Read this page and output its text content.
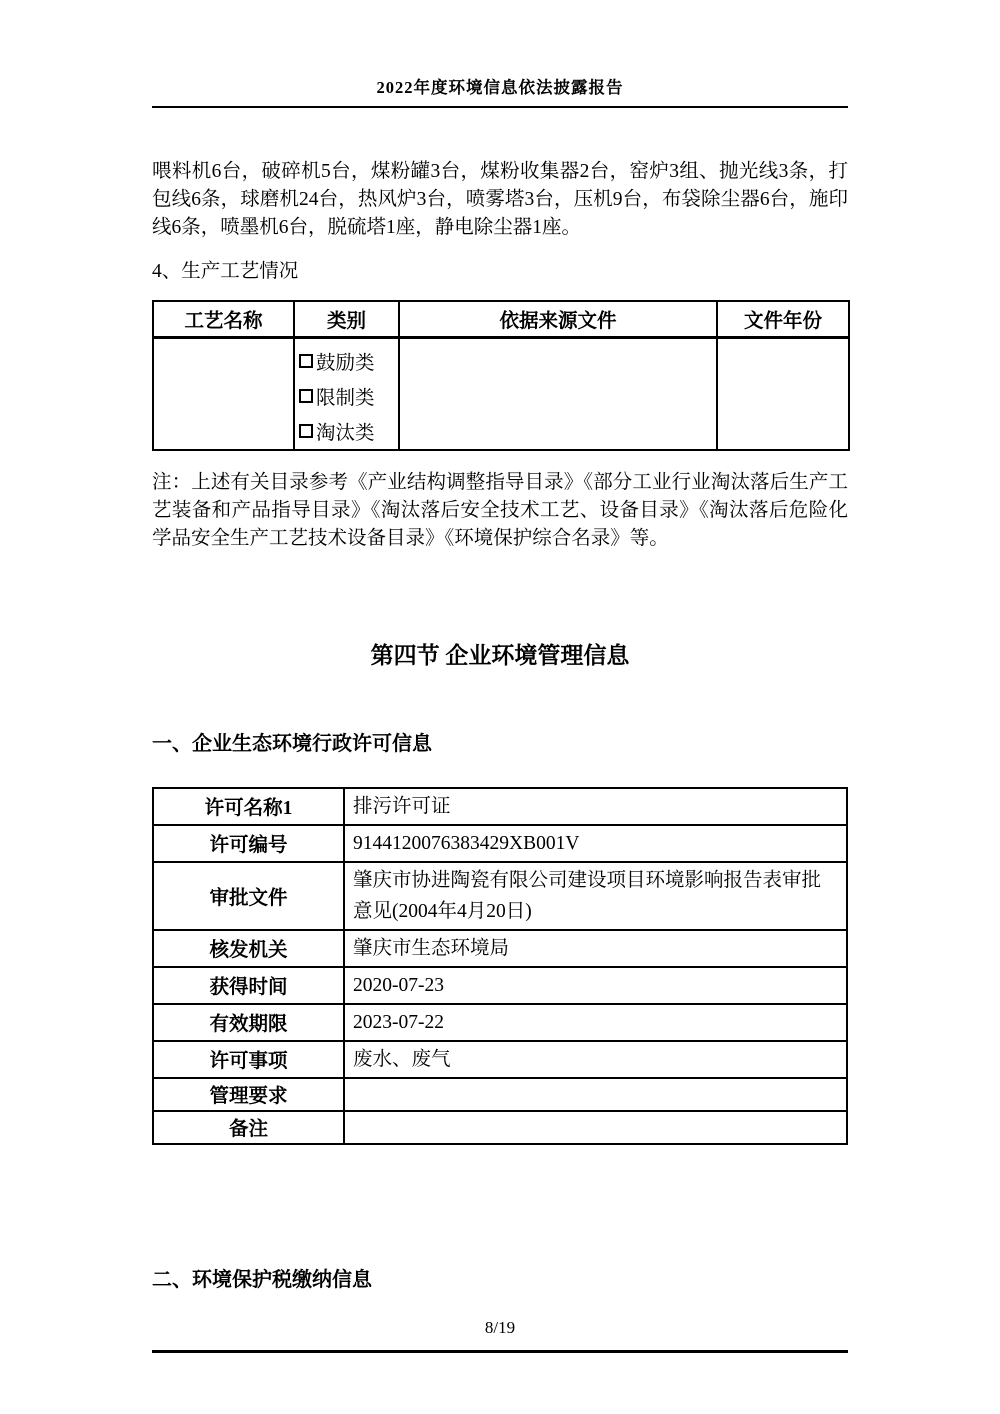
2022年度环境信息依法披露报告

喂料机6台，破碎机5台，煤粉罐3台，煤粉收集器2台，窑炉3组、抛光线3条，打包线6条，球磨机24台，热风炉3台，喷雾塔3台，压机9台，布袋除尘器6台，施印线6条，喷墨机6台，脱硫塔1座，静电除尘器1座。

4、生产工艺情况
工艺名称	类别	依据来源文件	文件年份

	鼓励类
限制类
淘汰类		

注：上述有关目录参考《产业结构调整指导目录》《部分工业行业淘汰落后生产工艺装备和产品指导目录》《淘汰落后安全技术工艺、设备目录》《淘汰落后危险化学品安全生产工艺技术设备目录》《环境保护综合名录》等。

第四节 企业环境管理信息
一、企业生态环境行政许可信息
许可名称1	排污许可证
许可编号	9144120076383429XB001V
审批文件	肇庆市协进陶瓷有限公司建设项目环境影响报告表审批意见(2004年4月20日)
核发机关	肇庆市生态环境局
获得时间	2020-07-23
有效期限	2023-07-22
许可事项	废水、废气
管理要求	
备注	
二、环境保护税缴纳信息
8/19
